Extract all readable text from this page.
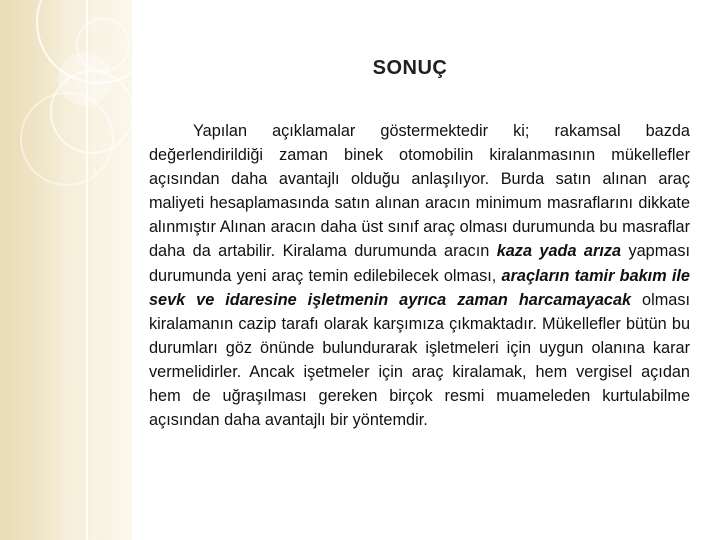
SONUÇ

Yapılan açıklamalar göstermektedir ki; rakamsal bazda değerlendirildiği zaman binek otomobilin kiralanmasının mükellefler açısından daha avantajlı olduğu anlaşılıyor. Burda satın alınan araç maliyeti hesaplamasında satın alınan aracın minimum masraflarını dikkate alınmıştır Alınan aracın daha üst sınıf araç olması durumunda bu masraflar daha da artabilir. Kiralama durumunda aracın kaza yada arıza yapması durumunda yeni araç temin edilebilecek olması, araçların tamir bakım ile sevk ve idaresine işletmenin ayrıca zaman harcamayacak olması kiralamanın cazip tarafı olarak karşımıza çıkmaktadır. Mükellefler bütün bu durumları göz önünde bulundurarak işletmeleri için uygun olanına karar vermelidirler. Ancak işetmeler için araç kiralamak, hem vergisel açıdan hem de uğraşılması gereken birçok resmi muameleden kurtulabilme açısından daha avantajlı bir yöntemdir.
